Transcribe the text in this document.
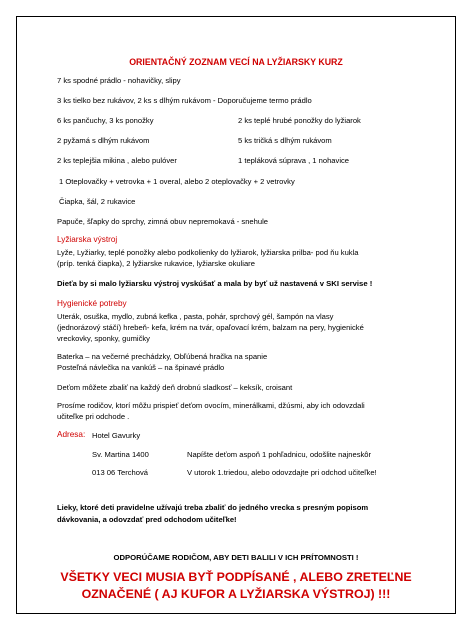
ORIENTAČNÝ ZOZNAM VECÍ NA LYŽIARSKY KURZ
7 ks spodné prádlo - nohavičky, slipy
3 ks tielko bez rukávov, 2 ks s dlhým rukávom - Doporučujeme termo prádlo
6 ks pančuchy, 3 ks ponožky	2 ks teplé hrubé ponožky do lyžiarok
2 pyžamá s dlhým rukávom	5 ks tričká s dlhým rukávom
2 ks teplejšia mikina , alebo pulóver	1 tepláková súprava , 1 nohavice
1 Oteplovačky + vetrovka + 1 overal, alebo 2 oteplovačky + 2 vetrovky
Čiapka, šál, 2 rukavice
Papuče, šľapky do sprchy, zimná obuv nepremokavá - snehule
Lyžiarska výstroj
Lyže, Lyžiarky, teplé ponožky alebo podkolienky do lyžiarok, lyžiarska prilba- pod ňu kukla
(príp. tenká čiapka), 2 lyžiarske rukavice, lyžiarske okuliare
Dieťa by si malo lyžiarsku výstroj vyskúšať a mala by byť už nastavená v SKI servise !
Hygienické potreby
Uterák, osuška, mydlo, zubná kefka , pasta, pohár, sprchový gél, šampón na vlasy
(jednorázový stáčí) hrebeň- kefa, krém na tvár, opaľovací krém, balzam na pery, hygienické
vreckovky, sponky, gumičky
Baterka – na večerné prechádzky, Obľúbená hračka na spanie
Posteľná návlečka na vankúš – na špinavé prádlo
Deťom môžete zbaliť na každý deň drobnú sladkosť – keksík, croisant
Prosíme rodičov, ktorí môžu prispieť deťom ovocím, minerálkami, džúsmi, aby ich odovzdali
učiteľke pri odchode .
Adresa: Hotel Gavurky
Sv. Martina 1400	Napíšte deťom aspoň 1 pohľadnicu, odošlite najneskôr
013 06 Terchová	V utorok 1.triedou, alebo odovzdajte pri odchod učiteľke!
Lieky, ktoré deti pravidelne užívajú treba zbaliť do jedného vrecka s presným popisom
dávkovania, a odovzdať pred odchodom učiteľke!
ODPORÚČAME RODIČOM, ABY DETI BALILI V ICH PRÍTOMNOSTI !
VŠETKY VECI MUSIA BYŤ PODPÍSANÉ , ALEBO ZRETEĽNE
OZNAČENÉ ( AJ KUFOR A LYŽIARSKA VÝSTROJ) !!!
